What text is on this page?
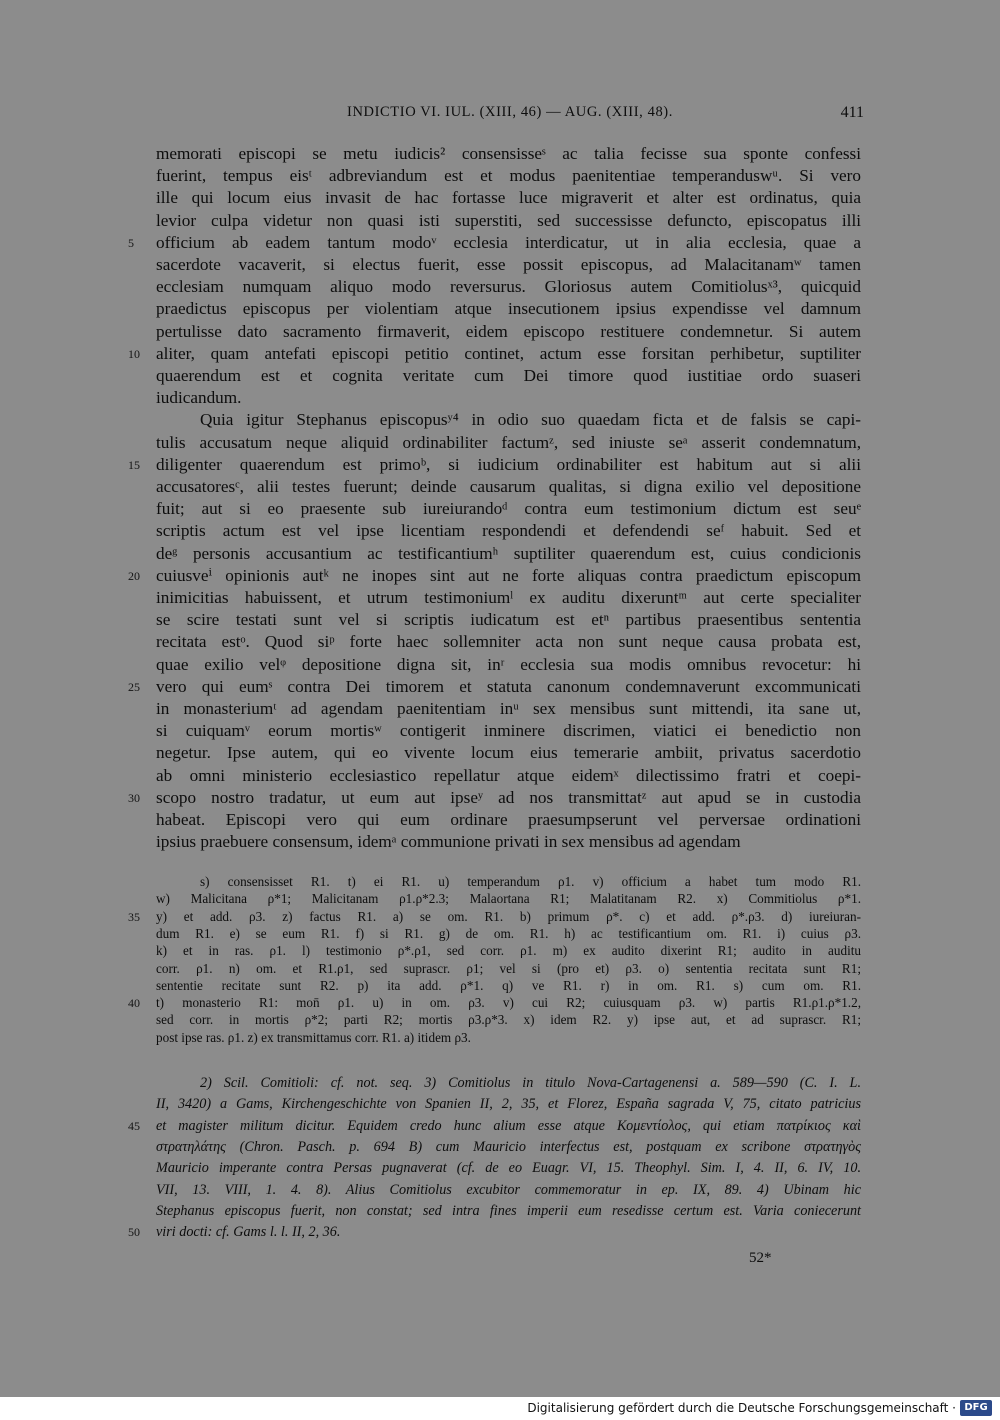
INDICTIO VI. IUL. (XIII, 46) — AUG. (XIII, 48).	411
memorati episcopi se metu iudicis² consensisseˢ ac talia fecisse sua sponte confessi
fuerint, tempus eisᵗ adbreviandum est et modus paenitentiae temperanduswᵘ. Si vero
ille qui locum eius invasit de hac fortasse luce migraverit et alter est ordinatus, quia
levior culpa videtur non quasi isti superstiti, sed successisse defuncto, episcopatus illi
officium ab eadem tantum modoᵛ ecclesia interdicatur, ut in alia ecclesia, quae a
5
sacerdote vacaverit, si electus fuerit, esse possit episcopus, ad Malacitanamʷ tamen
ecclesiam numquam aliquo modo reversurus. Gloriosus autem Comitiolusˣ³, quicquid
praedictus episcopus per violentiam atque insecutionem ipsius expendisse vel damnum
pertulisse dato sacramento firmaverit, eidem episcopo restituere condemnetur. Si autem
aliter, quam antefati episcopi petitio continet, actum esse forsitan perhibetur, suptiliter
10
quaerendum est et cognita veritate cum Dei timore quod iustitiae ordo suaseri
iudicandum.
Quia igitur Stephanus episcopusʸ⁴ in odio suo quaedam ficta et de falsis se capi-
tulis accusatum neque aliquid ordinabiliter factumᶻ, sed iniuste seᵃ asserit condemnatum,
diligenter quaerendum est primoᵇ, si iudicium ordinabiliter est habitum aut si alii
15
accusatoresᶜ, alii testes fuerunt; deinde causarum qualitas, si digna exilio vel depositione
fuit; aut si eo praesente sub iureiurandoᵈ contra eum testimonium dictum est seuᵉ
scriptis actum est vel ipse licentiam respondendi et defendendi seᶠ habuit. Sed et
deᵍ personis accusantium ac testificantiumʰ suptiliter quaerendum est, cuius condicionis
cuiusveⁱ opinionis autᵏ ne inopes sint aut ne forte aliquas contra praedictum episcopum
20
inimicitias habuissent, et utrum testimoniumˡ ex auditu dixeruntᵐ aut certe specialiter
se scire testati sunt vel si scriptis iudicatum est etⁿ partibus praesentibus sententia
recitata estᵒ. Quod siᵖ forte haec sollemniter acta non sunt neque causa probata est,
quae exilio velᵠ depositione digna sit, inʳ ecclesia sua modis omnibus revocetur: hi
vero qui eumˢ contra Dei timorem et statuta canonum condemnaverunt excommunicati
25
in monasteriumᵗ ad agendam paenitentiam inᵘ sex mensibus sunt mittendi, ita sane ut,
si cuiquamᵛ eorum mortisʷ contigerit inminere discrimen, viatici ei benedictio non
negetur. Ipse autem, qui eo vivente locum eius temerarie ambiit, privatus sacerdotio
ab omni ministerio ecclesiastico repellatur atque eidemˣ dilectissimo fratri et coepi-
scopo nostro tradatur, ut eum aut ipseʸ ad nos transmittatᶻ aut apud se in custodia
30
habeat. Episcopi vero qui eum ordinare praesumpserunt vel perversae ordinationi
ipsius praebuere consensum, idemᵃ communione privati in sex mensibus ad agendam
s) consensisset R1. t) ei R1. u) temperandum ρ1. v) officium a habet tum modo R1.
w) Malicitana ρ*1; Malicitanam ρ1.ρ*2.3; Malaortana R1; Malatitanam R2. x) Commitiolus ρ*1.
y) et add. ρ3. z) factus R1. a) se om. R1. b) primum ρ*. c) et add. ρ*.ρ3. d) iureiuran-
35
dum R1. e) se eum R1. f) si R1. g) de om. R1. h) ac testificantium om. R1. i) cuius ρ3.
k) et in ras. ρ1. l) testimonio ρ*.ρ1, sed corr. ρ1. m) ex audito dixerint R1; audito in auditu
corr. ρ1. n) om. et R1.ρ1, sed suprascr. ρ1; vel si (pro et) ρ3. o) sententia recitata sunt R1;
sententie recitate sunt R2. p) ita add. ρ*1. q) ve R1. r) in om. R1. s) cum om. R1.
t) monasterio R1: mon̄ ρ1. u) in om. ρ3. v) cui R2; cuiusquam ρ3. w) partis R1.ρ1.ρ*1.2,
40
sed corr. in mortis ρ*2; parti R2; mortis ρ3.ρ*3. x) idem R2. y) ipse aut, et ad suprascr. R1;
post ipse ras. ρ1. z) ex transmittamus corr. R1. a) itidem ρ3.
2) Scil. Comitioli: cf. not. seq. 3) Comitiolus in titulo Nova-Cartagenensi a. 589—590 (C. I. L.
II, 3420) a Gams, Kirchengeschichte von Spanien II, 2, 35, et Florez, España sagrada V, 75, citato patricius
et magister militum dicitur. Equidem credo hunc alium esse atque Κομεντίολος, qui etiam πατρίκιος καὶ
45
στρατηλάτης (Chron. Pasch. p. 694 B) cum Mauricio interfectus est, postquam ex scribone στρατηγὸς
Mauricio imperante contra Persas pugnaverat (cf. de eo Euagr. VI, 15. Theophyl. Sim. I, 4. II, 6. IV, 10.
VII, 13. VIII, 1. 4. 8). Alius Comitiolus excubitor commemoratur in ep. IX, 89. 4) Ubinam hic
Stephanus episcopus fuerit, non constat; sed intra fines imperii eum resedisse certum est. Varia coniecerunt
viri docti: cf. Gams l. l. II, 2, 36.
50
52*
Digitalisierung gefördert durch die Deutsche Forschungsgemeinschaft · DFG
